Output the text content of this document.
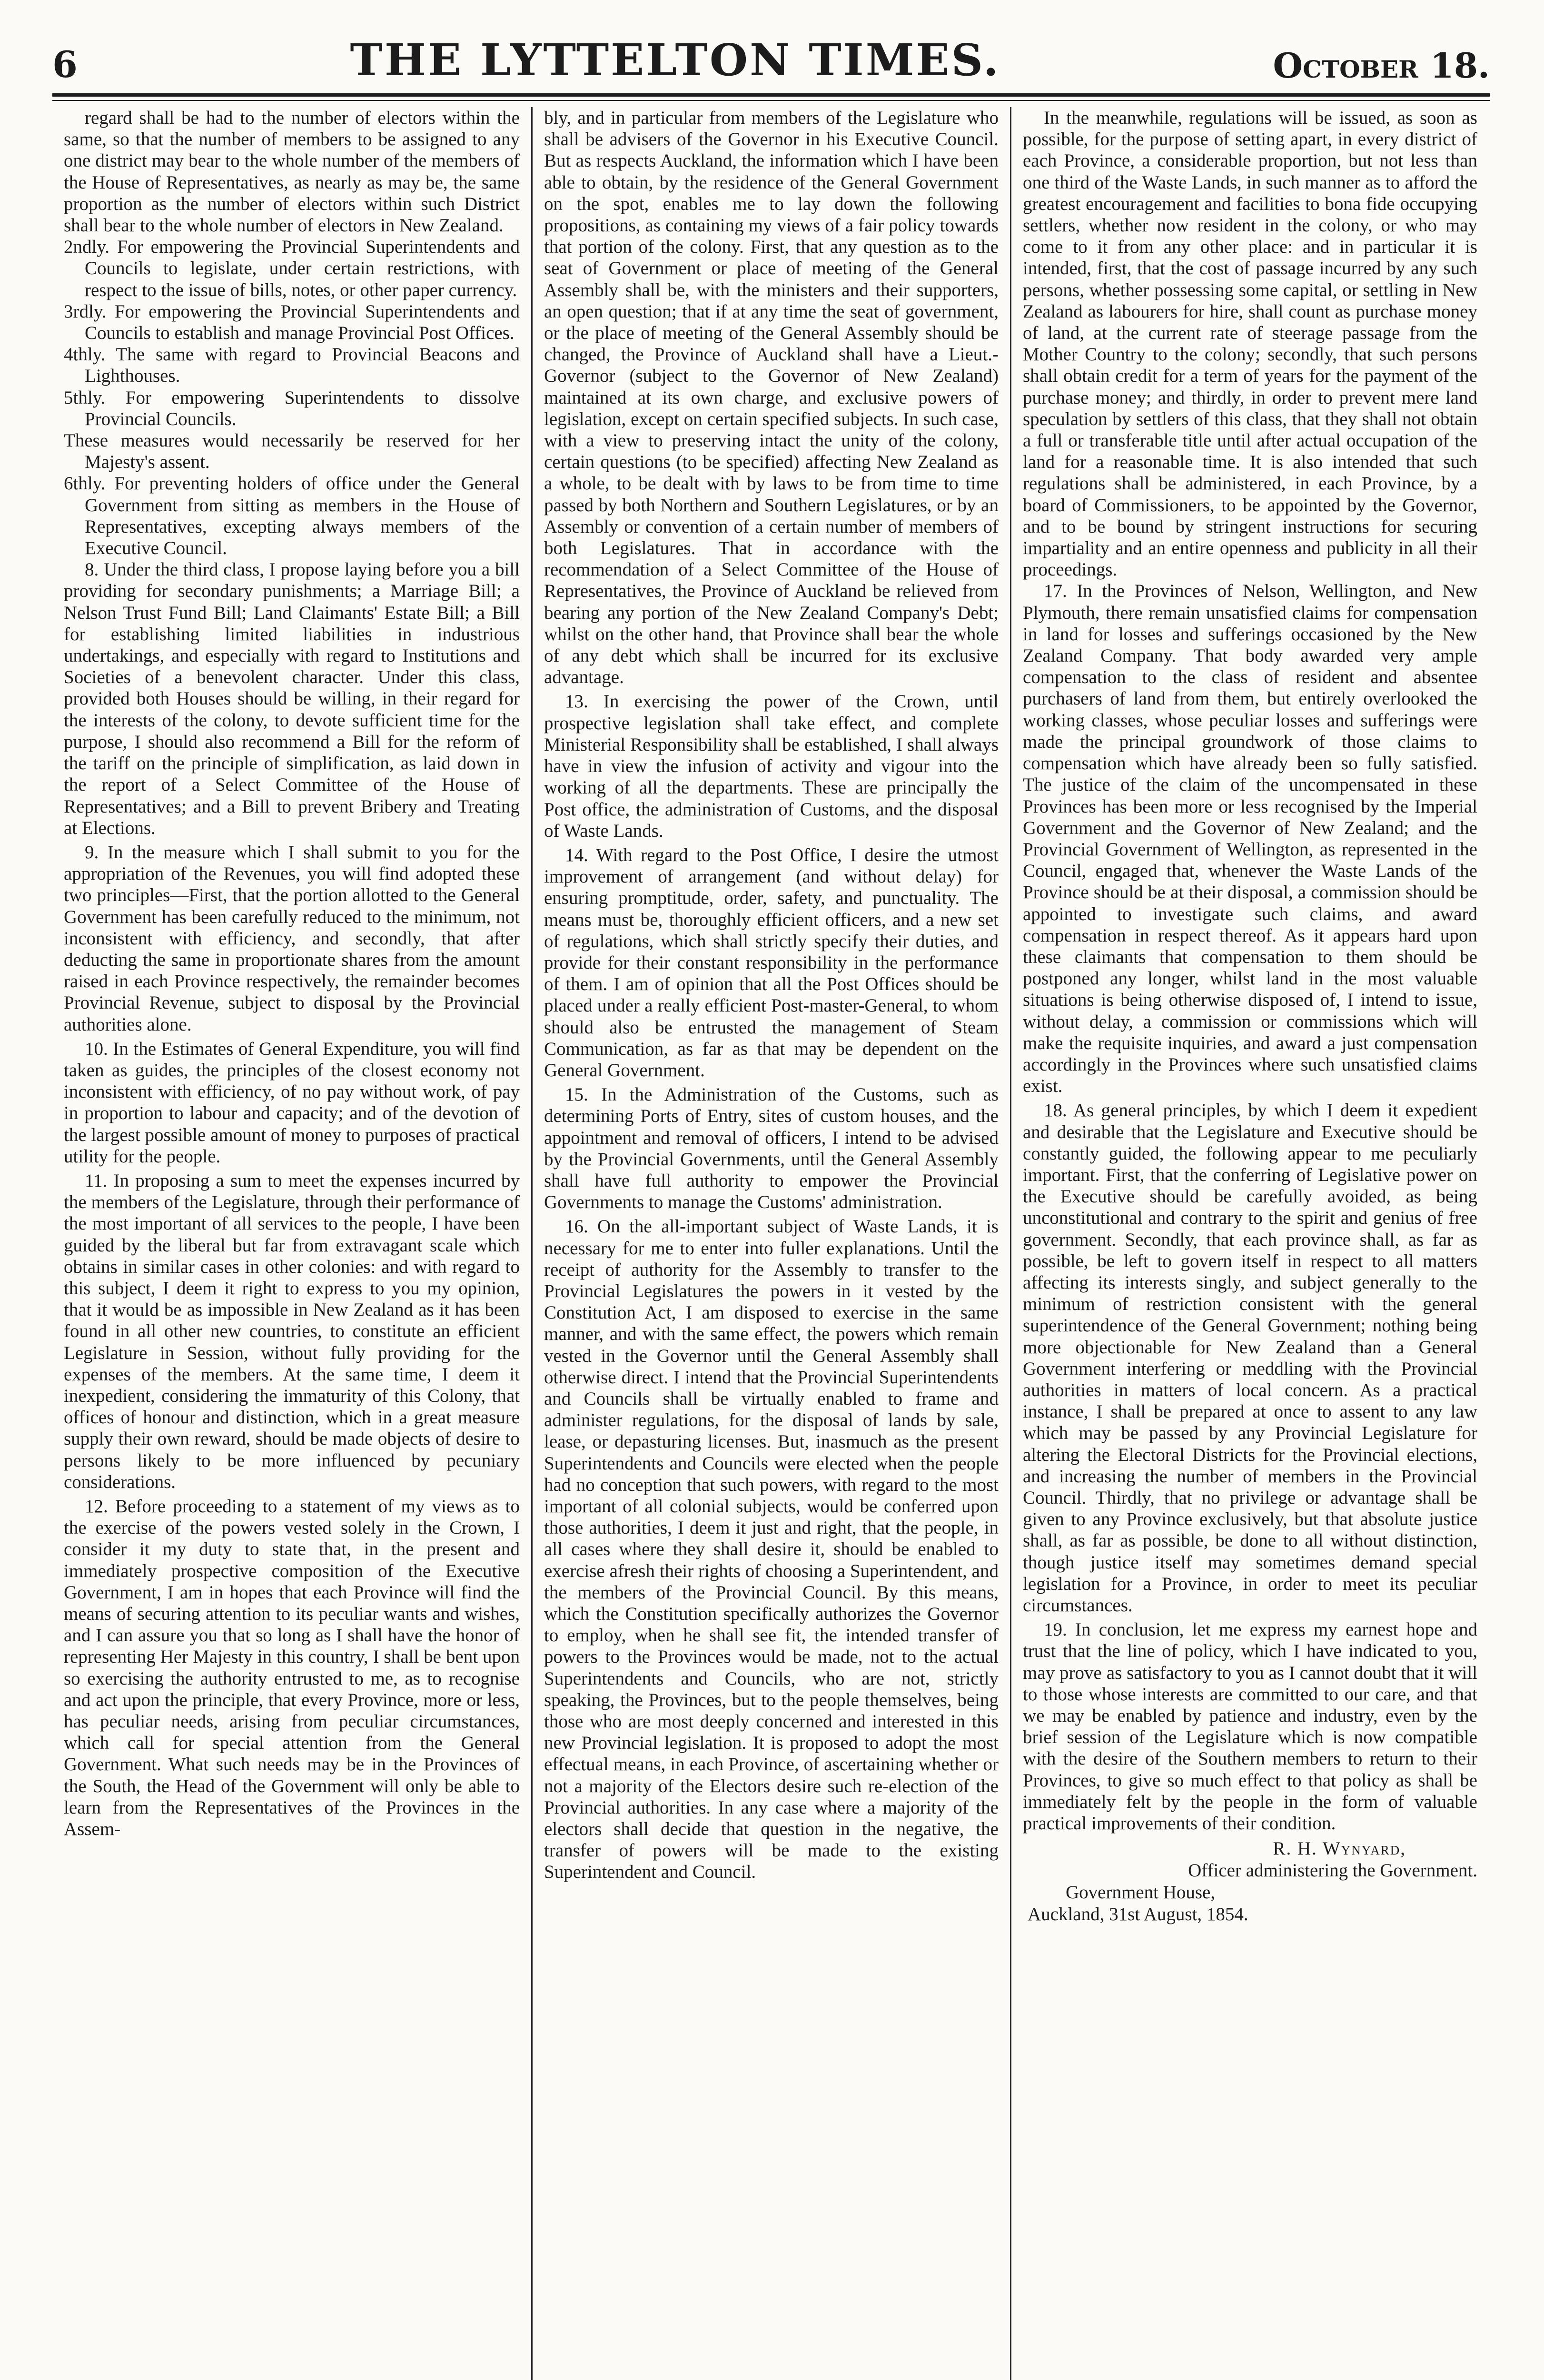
6	THE LYTTELTON TIMES.	October 18.

regard shall be had to the number of electors within the same, so that the number of members to be assigned to any one district may bear to the whole number of the members of the House of Representatives, as nearly as may be, the same proportion as the number of electors within such District shall bear to the whole number of electors in New Zealand.

2ndly. For empowering the Provincial Superintendents and Councils to legislate, under certain restrictions, with respect to the issue of bills, notes, or other paper currency.

3rdly. For empowering the Provincial Superintendents and Councils to establish and manage Provincial Post Offices.

4thly. The same with regard to Provincial Beacons and Lighthouses.

5thly. For empowering Superintendents to dissolve Provincial Councils.

These measures would necessarily be reserved for her Majesty's assent.

6thly. For preventing holders of office under the General Government from sitting as members in the House of Representatives, excepting always members of the Executive Council.

8. Under the third class, I propose laying before you a bill providing for secondary punishments; a Marriage Bill; a Nelson Trust Fund Bill; Land Claimants' Estate Bill; a Bill for establishing limited liabilities in industrious undertakings, and especially with regard to Institutions and Societies of a benevolent character. Under this class, provided both Houses should be willing, in their regard for the interests of the colony, to devote sufficient time for the purpose, I should also recommend a Bill for the reform of the tariff on the principle of simplification, as laid down in the report of a Select Committee of the House of Representatives; and a Bill to prevent Bribery and Treating at Elections.

9. In the measure which I shall submit to you for the appropriation of the Revenues, you will find adopted these two principles—First, that the portion allotted to the General Government has been carefully reduced to the minimum, not inconsistent with efficiency, and secondly, that after deducting the same in proportionate shares from the amount raised in each Province respectively, the remainder becomes Provincial Revenue, subject to disposal by the Provincial authorities alone.

10. In the Estimates of General Expenditure, you will find taken as guides, the principles of the closest economy not inconsistent with efficiency, of no pay without work, of pay in proportion to labour and capacity; and of the devotion of the largest possible amount of money to purposes of practical utility for the people.

11. In proposing a sum to meet the expenses incurred by the members of the Legislature, through their performance of the most important of all services to the people, I have been guided by the liberal but far from extravagant scale which obtains in similar cases in other colonies: and with regard to this subject, I deem it right to express to you my opinion, that it would be as impossible in New Zealand as it has been found in all other new countries, to constitute an efficient Legislature in Session, without fully providing for the expenses of the members. At the same time, I deem it inexpedient, considering the immaturity of this Colony, that offices of honour and distinction, which in a great measure supply their own reward, should be made objects of desire to persons likely to be more influenced by pecuniary considerations.

12. Before proceeding to a statement of my views as to the exercise of the powers vested solely in the Crown, I consider it my duty to state that, in the present and immediately prospective composition of the Executive Government, I am in hopes that each Province will find the means of securing attention to its peculiar wants and wishes, and I can assure you that so long as I shall have the honor of representing Her Majesty in this country, I shall be bent upon so exercising the authority entrusted to me, as to recognise and act upon the principle, that every Province, more or less, has peculiar needs, arising from peculiar circumstances, which call for special attention from the General Government. What such needs may be in the Provinces of the South, the Head of the Government will only be able to learn from the Representatives of the Provinces in the Assem-

bly, and in particular from members of the Legislature who shall be advisers of the Governor in his Executive Council. But as respects Auckland, the information which I have been able to obtain, by the residence of the General Government on the spot, enables me to lay down the following propositions, as containing my views of a fair policy towards that portion of the colony. First, that any question as to the seat of Government or place of meeting of the General Assembly shall be, with the ministers and their supporters, an open question; that if at any time the seat of government, or the place of meeting of the General Assembly should be changed, the Province of Auckland shall have a Lieut.-Governor (subject to the Governor of New Zealand) maintained at its own charge, and exclusive powers of legislation, except on certain specified subjects. In such case, with a view to preserving intact the unity of the colony, certain questions (to be specified) affecting New Zealand as a whole, to be dealt with by laws to be from time to time passed by both Northern and Southern Legislatures, or by an Assembly or convention of a certain number of members of both Legislatures. That in accordance with the recommendation of a Select Committee of the House of Representatives, the Province of Auckland be relieved from bearing any portion of the New Zealand Company's Debt; whilst on the other hand, that Province shall bear the whole of any debt which shall be incurred for its exclusive advantage.

13. In exercising the power of the Crown, until prospective legislation shall take effect, and complete Ministerial Responsibility shall be established, I shall always have in view the infusion of activity and vigour into the working of all the departments. These are principally the Post office, the administration of Customs, and the disposal of Waste Lands.

14. With regard to the Post Office, I desire the utmost improvement of arrangement (and without delay) for ensuring promptitude, order, safety, and punctuality. The means must be, thoroughly efficient officers, and a new set of regulations, which shall strictly specify their duties, and provide for their constant responsibility in the performance of them. I am of opinion that all the Post Offices should be placed under a really efficient Post-master-General, to whom should also be entrusted the management of Steam Communication, as far as that may be dependent on the General Government.

15. In the Administration of the Customs, such as determining Ports of Entry, sites of custom houses, and the appointment and removal of officers, I intend to be advised by the Provincial Governments, until the General Assembly shall have full authority to empower the Provincial Governments to manage the Customs' administration.

16. On the all-important subject of Waste Lands, it is necessary for me to enter into fuller explanations. Until the receipt of authority for the Assembly to transfer to the Provincial Legislatures the powers in it vested by the Constitution Act, I am disposed to exercise in the same manner, and with the same effect, the powers which remain vested in the Governor until the General Assembly shall otherwise direct. I intend that the Provincial Superintendents and Councils shall be virtually enabled to frame and administer regulations, for the disposal of lands by sale, lease, or depasturing licenses. But, inasmuch as the present Superintendents and Councils were elected when the people had no conception that such powers, with regard to the most important of all colonial subjects, would be conferred upon those authorities, I deem it just and right, that the people, in all cases where they shall desire it, should be enabled to exercise afresh their rights of choosing a Superintendent, and the members of the Provincial Council. By this means, which the Constitution specifically authorizes the Governor to employ, when he shall see fit, the intended transfer of powers to the Provinces would be made, not to the actual Superintendents and Councils, who are not, strictly speaking, the Provinces, but to the people themselves, being those who are most deeply concerned and interested in this new Provincial legislation. It is proposed to adopt the most effectual means, in each Province, of ascertaining whether or not a majority of the Electors desire such re-election of the Provincial authorities. In any case where a majority of the electors shall decide that question in the negative, the transfer of powers will be made to the existing Superintendent and Council.

In the meanwhile, regulations will be issued, as soon as possible, for the purpose of setting apart, in every district of each Province, a considerable proportion, but not less than one third of the Waste Lands, in such manner as to afford the greatest encouragement and facilities to bona fide occupying settlers, whether now resident in the colony, or who may come to it from any other place: and in particular it is intended, first, that the cost of passage incurred by any such persons, whether possessing some capital, or settling in New Zealand as labourers for hire, shall count as purchase money of land, at the current rate of steerage passage from the Mother Country to the colony; secondly, that such persons shall obtain credit for a term of years for the payment of the purchase money; and thirdly, in order to prevent mere land speculation by settlers of this class, that they shall not obtain a full or transferable title until after actual occupation of the land for a reasonable time. It is also intended that such regulations shall be administered, in each Province, by a board of Commissioners, to be appointed by the Governor, and to be bound by stringent instructions for securing impartiality and an entire openness and publicity in all their proceedings.

17. In the Provinces of Nelson, Wellington, and New Plymouth, there remain unsatisfied claims for compensation in land for losses and sufferings occasioned by the New Zealand Company. That body awarded very ample compensation to the class of resident and absentee purchasers of land from them, but entirely overlooked the working classes, whose peculiar losses and sufferings were made the principal groundwork of those claims to compensation which have already been so fully satisfied. The justice of the claim of the uncompensated in these Provinces has been more or less recognised by the Imperial Government and the Governor of New Zealand; and the Provincial Government of Wellington, as represented in the Council, engaged that, whenever the Waste Lands of the Province should be at their disposal, a commission should be appointed to investigate such claims, and award compensation in respect thereof. As it appears hard upon these claimants that compensation to them should be postponed any longer, whilst land in the most valuable situations is being otherwise disposed of, I intend to issue, without delay, a commission or commissions which will make the requisite inquiries, and award a just compensation accordingly in the Provinces where such unsatisfied claims exist.

18. As general principles, by which I deem it expedient and desirable that the Legislature and Executive should be constantly guided, the following appear to me peculiarly important. First, that the conferring of Legislative power on the Executive should be carefully avoided, as being unconstitutional and contrary to the spirit and genius of free government. Secondly, that each province shall, as far as possible, be left to govern itself in respect to all matters affecting its interests singly, and subject generally to the minimum of restriction consistent with the general superintendence of the General Government; nothing being more objectionable for New Zealand than a General Government interfering or meddling with the Provincial authorities in matters of local concern. As a practical instance, I shall be prepared at once to assent to any law which may be passed by any Provincial Legislature for altering the Electoral Districts for the Provincial elections, and increasing the number of members in the Provincial Council. Thirdly, that no privilege or advantage shall be given to any Province exclusively, but that absolute justice shall, as far as possible, be done to all without distinction, though justice itself may sometimes demand special legislation for a Province, in order to meet its peculiar circumstances.

19. In conclusion, let me express my earnest hope and trust that the line of policy, which I have indicated to you, may prove as satisfactory to you as I cannot doubt that it will to those whose interests are committed to our care, and that we may be enabled by patience and industry, even by the brief session of the Legislature which is now compatible with the desire of the Southern members to return to their Provinces, to give so much effect to that policy as shall be immediately felt by the people in the form of valuable practical improvements of their condition.

R. H. Wynyard,
Officer administering the Government.
Government House,
Auckland, 31st August, 1854.
